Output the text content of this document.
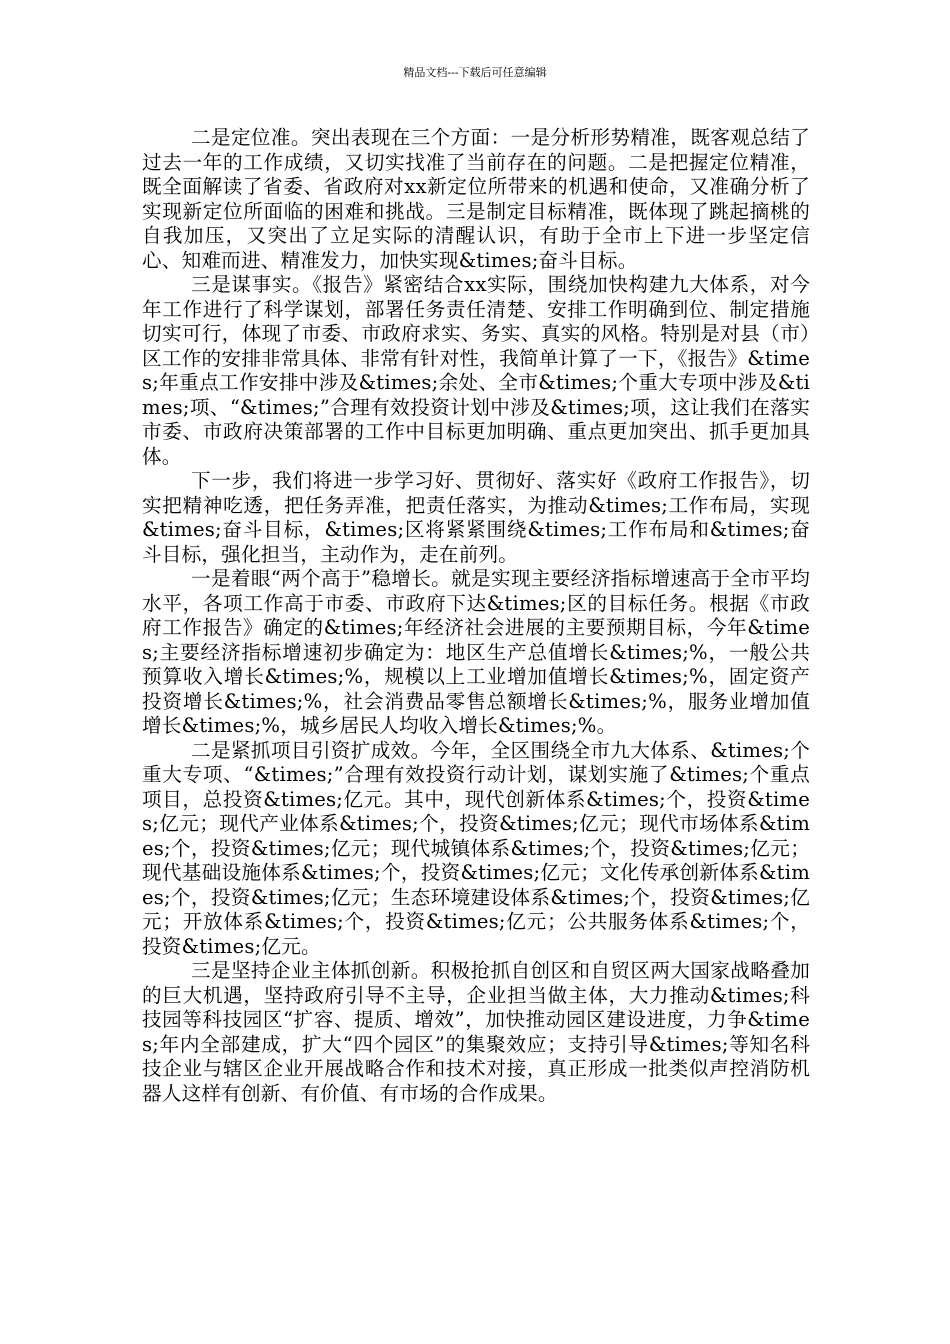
精品文档---下载后可任意编辑

二是定位准。突出表现在三个方面：一是分析形势精准，既客观总结了过去一年的工作成绩，又切实找准了当前存在的问题。二是把握定位精准，既全面解读了省委、省政府对xx新定位所带来的机遇和使命，又准确分析了实现新定位所面临的困难和挑战。三是制定目标精准，既体现了跳起摘桃的自我加压，又突出了立足实际的清醒认识，有助于全市上下进一步坚定信心、知难而进、精准发力，加快实现&times;奋斗目标。

三是谋事实。《报告》紧密结合xx实际，围绕加快构建九大体系，对今年工作进行了科学谋划，部署任务责任清楚、安排工作明确到位、制定措施切实可行，体现了市委、市政府求实、务实、真实的风格。特别是对县（市）区工作的安排非常具体、非常有针对性，我简单计算了一下，《报告》&times;年重点工作安排中涉及&times;余处、全市&times;个重大专项中涉及&times;项、“&times;”合理有效投资计划中涉及&times;项，这让我们在落实市委、市政府决策部署的工作中目标更加明确、重点更加突出、抓手更加具体。

下一步，我们将进一步学习好、贯彻好、落实好《政府工作报告》，切实把精神吃透，把任务弄准，把责任落实，为推动&times;工作布局，实现&times;奋斗目标，&times;区将紧紧围绕&times;工作布局和&times;奋斗目标，强化担当，主动作为，走在前列。

一是着眼“两个高于”稳增长。就是实现主要经济指标增速高于全市平均水平，各项工作高于市委、市政府下达&times;区的目标任务。根据《市政府工作报告》确定的&times;年经济社会进展的主要预期目标，今年&times;主要经济指标增速初步确定为：地区生产总值增长&times;%，一般公共预算收入增长&times;%，规模以上工业增加值增长&times;%，固定资产投资增长&times;%，社会消费品零售总额增长&times;%，服务业增加值增长&times;%，城乡居民人均收入增长&times;%。

二是紧抓项目引资扩成效。今年，全区围绕全市九大体系、&times;个重大专项、“&times;”合理有效投资行动计划，谋划实施了&times;个重点项目，总投资&times;亿元。其中，现代创新体系&times;个，投资&times;亿元；现代产业体系&times;个，投资&times;亿元；现代市场体系&times;个，投资&times;亿元；现代城镇体系&times;个，投资&times;亿元；现代基础设施体系&times;个，投资&times;亿元；文化传承创新体系&times;个，投资&times;亿元；生态环境建设体系&times;个，投资&times;亿元；开放体系&times;个，投资&times;亿元；公共服务体系&times;个，投资&times;亿元。

三是坚持企业主体抓创新。积极抢抓自创区和自贸区两大国家战略叠加的巨大机遇，坚持政府引导不主导，企业担当做主体，大力推动&times;科技园等科技园区“扩容、提质、增效”，加快推动园区建设进度，力争&times;年内全部建成，扩大“四个园区”的集聚效应；支持引导&times;等知名科技企业与辖区企业开展战略合作和技术对接，真正形成一批类似声控消防机器人这样有创新、有价值、有市场的合作成果。
